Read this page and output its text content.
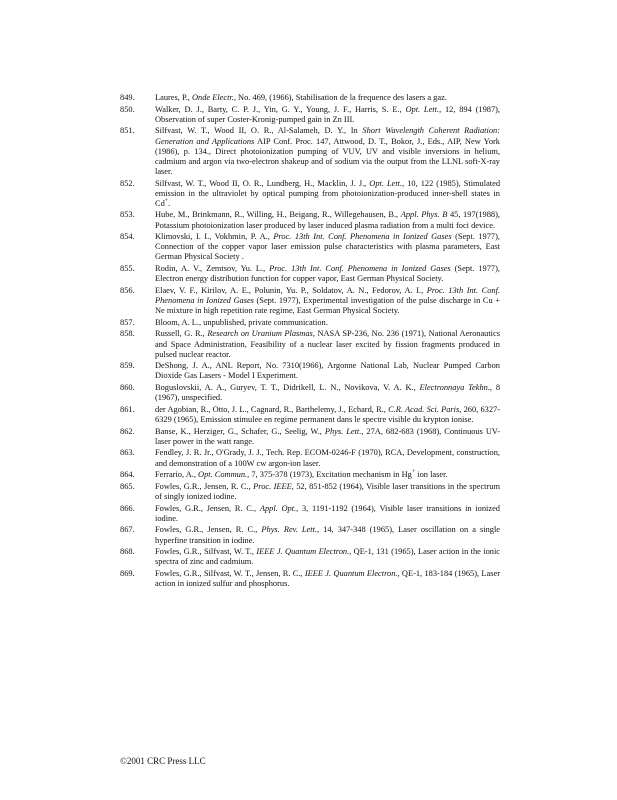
849.	Laures, P., Onde Electr., No. 469, (1966), Stabilisation de la frequence des lasers a gaz.
850.	Walker, D. J., Barty, C. P. J., Yin, G. Y., Young, J. F., Harris, S. E., Opt. Lett., 12, 894 (1987), Observation of super Coster-Kronig-pumped gain in Zn III.
851.	Silfvast, W. T., Wood II, O. R., Al-Salameh, D. Y., In Short Wavelength Coherent Radiation: Generation and Applications AIP Conf. Proc. 147, Attwood, D. T., Bokor, J., Eds., AIP, New York (1986), p. 134., Direct photoionization pumping of VUV, UV and visible inversions in helium, cadmium and argon via two-electron shakeup and of sodium via the output from the LLNL soft-X-ray laser.
852.	Silfvast, W. T., Wood II, O. R., Lundberg, H., Macklin, J. J., Opt. Lett., 10, 122 (1985), Stimulated emission in the ultraviolet by optical pumping from photoionization-produced inner-shell states in Cd+.
853.	Hube, M., Brinkmann, R., Willing, H., Beigang, R., Willegehausen, B., Appl. Phys. B 45, 197(1988), Potassium photoionization laser produced by laser induced plasma radiation from a multi foci device.
854.	Klimovski, I. I., Vokhmin, P. A., Proc. 13th Int. Conf. Phenomena in Ionized Gases (Sept. 1977), Connection of the copper vapor laser emission pulse characteristics with plasma parameters, East German Physical Society .
855.	Rodin, A. V., Zemtsov, Yu. L., Proc. 13th Int. Conf. Phenomena in Ionized Gases (Sept. 1977), Electron energy distribution function for copper vapor, East German Physical Society.
856.	Elaev, V. F., Kirilov, A. E., Polunin, Yu. P., Soldatov, A. N., Fedorov, A. I., Proc. 13th Int. Conf. Phenomena in Ionized Gases (Sept. 1977), Experimental investigation of the pulse discharge in Cu + Ne mixture in high repetition rate regime, East German Physical Society.
857.	Bloom, A. L., unpublished, private communication.
858.	Russell, G. R., Research on Uranium Plasmas, NASA SP-236, No. 236 (1971), National Aeronautics and Space Administration, Feasibility of a nuclear laser excited by fission fragments produced in pulsed nuclear reactor.
859.	DeShong, J. A., ANL Report, No. 7310(1966), Argonne National Lab, Nuclear Pumped Carbon Dioxide Gas Lasers - Model I Experiment.
860.	Boguslovskii, A. A., Guryev, T. T., Didrikell, L. N., Novikova, V. A. K., Electronnaya Tekhn., 8 (1967), unspecified.
861.	der Agobian, R., Otto, J. L., Cagnard, R., Barthelemy, J., Echard, R., C.R. Acad. Sci. Paris, 260, 6327-6329 (1965), Emission stimulee en regime permanent dans le spectre visible du krypton ionise.
862.	Banse, K., Herziger, G., Schafer, G., Seelig, W., Phys. Lett., 27A, 682-683 (1968), Continuous UV-laser power in the watt range.
863.	Fendley, J. R. Jr., O'Grady, J. J., Tech. Rep. ECOM-0246-F (1970), RCA, Development, construction, and demonstration of a 100W cw argon-ion laser.
864.	Ferrario, A., Opt. Commun., 7, 375-378 (1973), Excitation mechanism in Hg+ ion laser.
865.	Fowles, G.R., Jensen, R. C., Proc. IEEE, 52, 851-852 (1964), Visible laser transitions in the spectrum of singly ionized iodine.
866.	Fowles, G.R., Jensen, R. C., Appl. Opt., 3, 1191-1192 (1964), Visible laser transitions in ionized iodine.
867.	Fowles, G.R., Jensen, R. C., Phys. Rev. Lett., 14, 347-348 (1965), Laser oscillation on a single hyperfine transition in iodine.
868.	Fowles, G.R., Silfvast, W. T., IEEE J. Quantum Electron., QE-1, 131 (1965), Laser action in the ionic spectra of zinc and cadmium.
869.	Fowles, G.R., Silfvast, W. T., Jensen, R. C., IEEE J. Quantum Electron., QE-1, 183-184 (1965), Laser action in ionized sulfur and phosphorus.
©2001 CRC Press LLC
